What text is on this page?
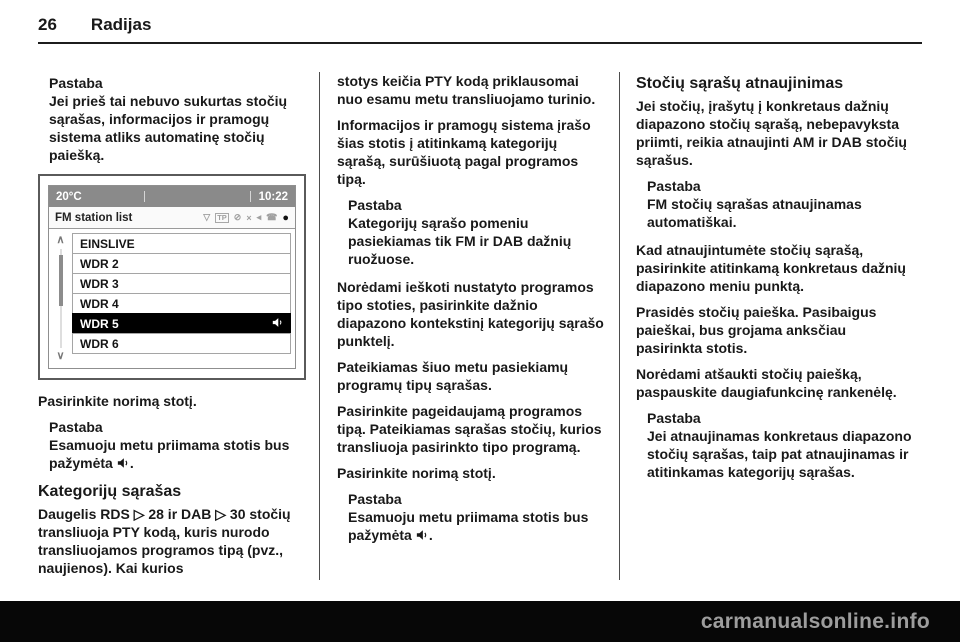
26 Radijas
Pastaba
Jei prieš tai nebuvo sukurtas stočių sąrašas, informacijos ir pramogų sistema atliks automatinę stočių paiešką.
20°C	10:22
FM station list	▽ TP ⊘ × ◂ ☎ ●
∧
∨
EINSLIVE
WDR 2
WDR 3
WDR 4
WDR 5
WDR 6

Pasirinkite norimą stotį.

Pastaba
Esamuoju metu priimama stotis bus pažymėta .
Kategorijų sąrašas

Daugelis RDS ▷ 28 ir DAB ▷ 30 stočių transliuoja PTY kodą, kuris nurodo transliuojamos programos tipą (pvz., naujienos). Kai kurios

stotys keičia PTY kodą priklausomai nuo esamu metu transliuojamo turinio.

Informacijos ir pramogų sistema įrašo šias stotis į atitinkamą kategorijų sąrašą, surūšiuotą pagal programos tipą.

Pastaba
Kategorijų sąrašo pomeniu pasiekiamas tik FM ir DAB dažnių ruožuose.

Norėdami ieškoti nustatyto programos tipo stoties, pasirinkite dažnio diapazono kontekstinį kategorijų sąrašo punktelį.

Pateikiamas šiuo metu pasiekiamų programų tipų sąrašas.

Pasirinkite pageidaujamą programos tipą. Pateikiamas sąrašas stočių, kurios transliuoja pasirinkto tipo programą.

Pasirinkite norimą stotį.

Pastaba
Esamuoju metu priimama stotis bus pažymėta .
Stočių sąrašų atnaujinimas

Jei stočių, įrašytų į konkretaus dažnių diapazono stočių sąrašą, nebepavyksta priimti, reikia atnaujinti AM ir DAB stočių sąrašus.

Pastaba
FM stočių sąrašas atnaujinamas automatiškai.

Kad atnaujintumėte stočių sąrašą, pasirinkite atitinkamą konkretaus dažnių diapazono meniu punktą.

Prasidės stočių paieška. Pasibaigus paieškai, bus grojama anksčiau pasirinkta stotis.

Norėdami atšaukti stočių paiešką, paspauskite daugiafunkcinę rankenėlę.

Pastaba
Jei atnaujinamas konkretaus diapazono stočių sąrašas, taip pat atnaujinamas ir atitinkamas kategorijų sąrašas.
carmanualsonline.info
